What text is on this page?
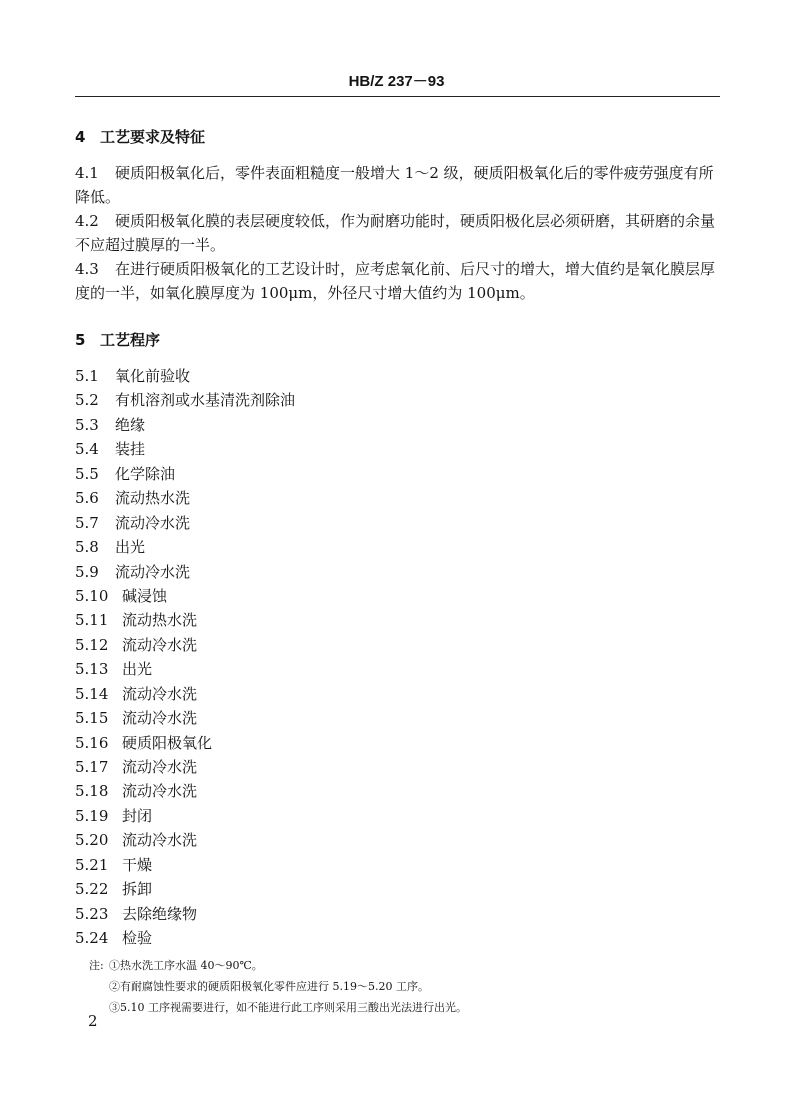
HB/Z 237－93
4 工艺要求及特征

4.1 硬质阳极氧化后，零件表面粗糙度一般增大 1～2 级，硬质阳极氧化后的零件疲劳强度有所降低。

4.2 硬质阳极氧化膜的表层硬度较低，作为耐磨功能时，硬质阳极化层必须研磨，其研磨的余量不应超过膜厚的一半。

4.3 在进行硬质阳极氧化的工艺设计时，应考虑氧化前、后尺寸的增大，增大值约是氧化膜层厚度的一半，如氧化膜厚度为 100μm，外径尺寸增大值约为 100μm。

5 工艺程序
5.1 氧化前验收
5.2 有机溶剂或水基清洗剂除油
5.3 绝缘
5.4 装挂
5.5 化学除油
5.6 流动热水洗
5.7 流动冷水洗
5.8 出光
5.9 流动冷水洗
5.10 碱浸蚀
5.11 流动热水洗
5.12 流动冷水洗
5.13 出光
5.14 流动冷水洗
5.15 流动冷水洗
5.16 硬质阳极氧化
5.17 流动冷水洗
5.18 流动冷水洗
5.19 封闭
5.20 流动冷水洗
5.21 干燥
5.22 拆卸
5.23 去除绝缘物
5.24 检验
注: ①热水洗工序水温 40～90℃。
②有耐腐蚀性要求的硬质阳极氧化零件应进行 5.19～5.20 工序。
③5.10 工序视需要进行，如不能进行此工序则采用三酸出光法进行出光。
2
